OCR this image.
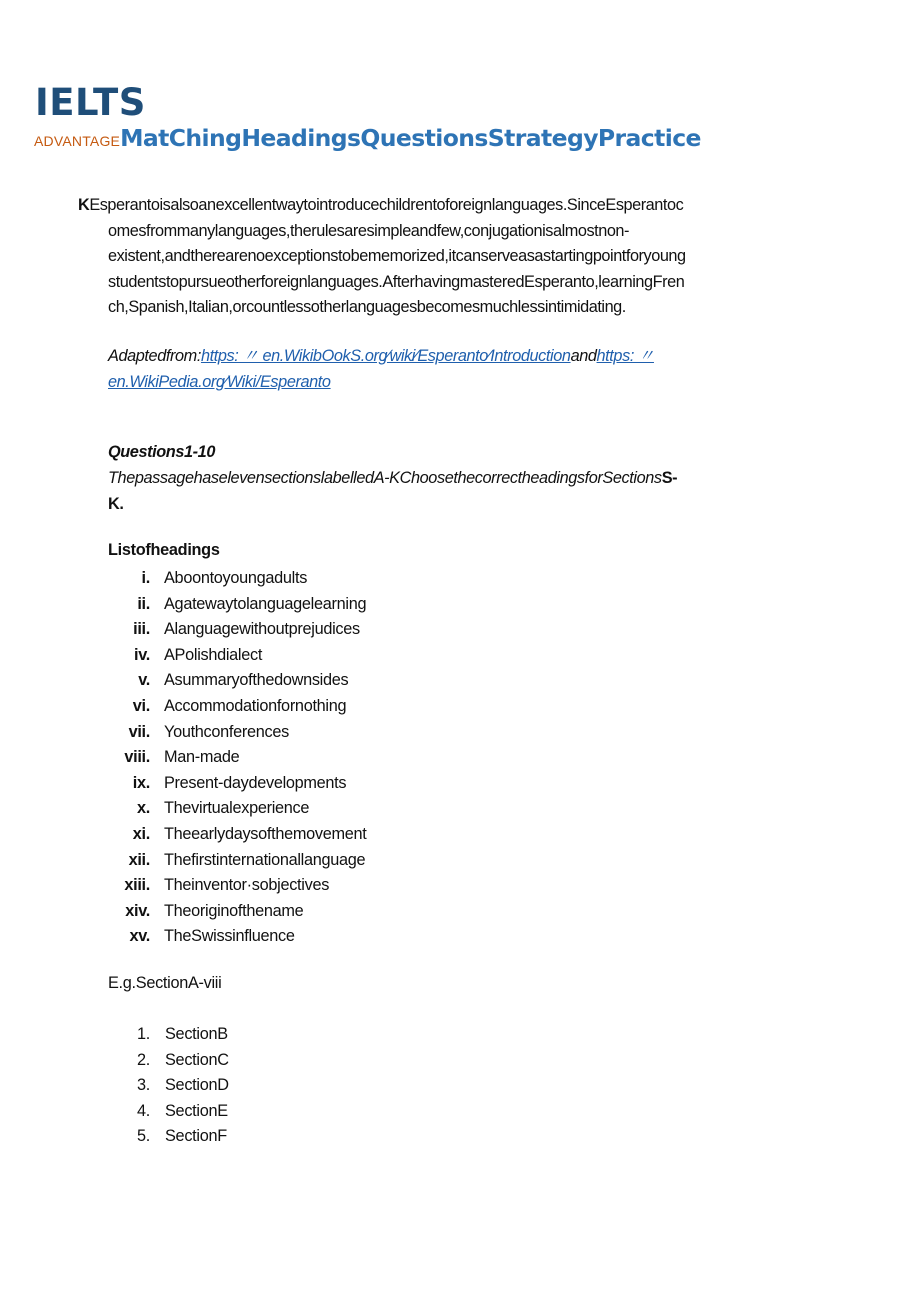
IELTS
ADVANTAGEMatChingHeadingsQuestionsStrategyPractice
KEsperantoisalsoanexcellentwaytointroducechildrentoforeignlanguages.SinceEsperantoc
omesfrommanylanguages,therulesaresimpleandfew,conjugationisalmostnon-
existent,andtherearenoexceptionstobememorized,itcanserveasastartingpointforyoung
studentstopursueotherforeignlanguages.AfterhavingmasteredEsperanto,learningFren
ch,Spanish,Italian,orcountlessotherlanguagesbecomesmuchlessintimidating.
Adaptedfrom:https: 〃 en.WikibOokS.org∕wiki∕Esperanto∕Introductionandhttps: 〃
en.WikiPedia.org∕Wiki/Esperanto
Questions1-10
ThepassagehaselevensectionslabelledA-KChoosethecorrectheadingsforSectionsS-
K.
Listofheadings
i. Aboontoyoungadults
ii. Agatewaytolanguagelearning
iii. Alanguagewithoutprejudices
iv. APolishdialect
v. Asummaryofthedownsides
vi. Accommodationfornothing
vii. Youthconferences
viii. Man-made
ix. Present-daydevelopments
x. Thevirtualexperience
xi. Theearlydaysofthemovement
xii. Thefirstinternationallanguage
xiii. Theinventor·sobjectives
xiv. Theoriginofthename
xv. TheSwissinfluence
E.g.SectionA-viii
1. SectionB
2. SectionC
3. SectionD
4. SectionE
5. SectionF
